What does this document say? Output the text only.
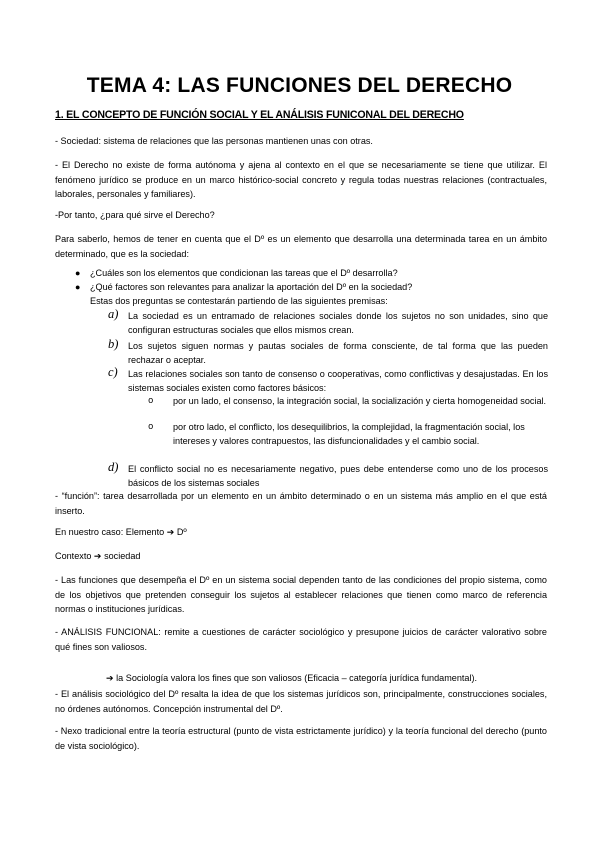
TEMA 4: LAS FUNCIONES DEL DERECHO

1. EL CONCEPTO DE FUNCIÓN SOCIAL Y EL ANÁLISIS FUNICONAL DEL DERECHO

- Sociedad: sistema de relaciones que las personas mantienen unas con otras.

- El Derecho no existe de forma autónoma y ajena al contexto en el que se necesariamente se tiene que utilizar. El fenómeno jurídico se produce en un marco histórico-social concreto y regula todas nuestras relaciones (contractuales, laborales, personales y familiares).

-Por tanto, ¿para qué sirve el Derecho?

Para saberlo, hemos de tener en cuenta que el Dº es un elemento que desarrolla una determinada tarea en un ámbito determinado, que es la sociedad:

● ¿Cuáles son los elementos que condicionan las tareas que el Dº desarrolla?
● ¿Qué factores son relevantes para analizar la aportación del Dº en la sociedad?
Estas dos preguntas se contestarán partiendo de las siguientes premisas:
a) La sociedad es un entramado de relaciones sociales donde los sujetos no son unidades, sino que configuran estructuras sociales que ellos mismos crean.
b) Los sujetos siguen normas y pautas sociales de forma consciente, de tal forma que las pueden rechazar o aceptar.
c) Las relaciones sociales son tanto de consenso o cooperativas, como conflictivas y desajustadas. En los sistemas sociales existen como factores básicos:
o por un lado, el consenso, la integración social, la socialización y cierta homogeneidad social.
o por otro lado, el conflicto, los desequilibrios, la complejidad, la fragmentación social, los intereses y valores contrapuestos, las disfuncionalidades y el cambio social.
d) El conflicto social no es necesariamente negativo, pues debe entenderse como uno de los procesos básicos de los sistemas sociales

- “función”: tarea desarrollada por un elemento en un ámbito determinado o en un sistema más amplio en el que está inserto.

En nuestro caso: Elemento ➔ Dº

Contexto ➔ sociedad

- Las funciones que desempeña el Dº en un sistema social dependen tanto de las condiciones del propio sistema, como de los objetivos que pretenden conseguir los sujetos al establecer relaciones que tienen como marco de referencia normas o instituciones jurídicas.

- ANÁLISIS FUNCIONAL: remite a cuestiones de carácter sociológico y presupone juicios de carácter valorativo sobre qué fines son valiosos.

➔ la Sociología valora los fines que son valiosos (Eficacia – categoría jurídica fundamental).

- El análisis sociológico del Dº resalta la idea de que los sistemas jurídicos son, principalmente, construcciones sociales, no órdenes autónomos. Concepción instrumental del Dº.

- Nexo tradicional entre la teoría estructural (punto de vista estrictamente jurídico) y la teoría funcional del derecho (punto de vista sociológico).
